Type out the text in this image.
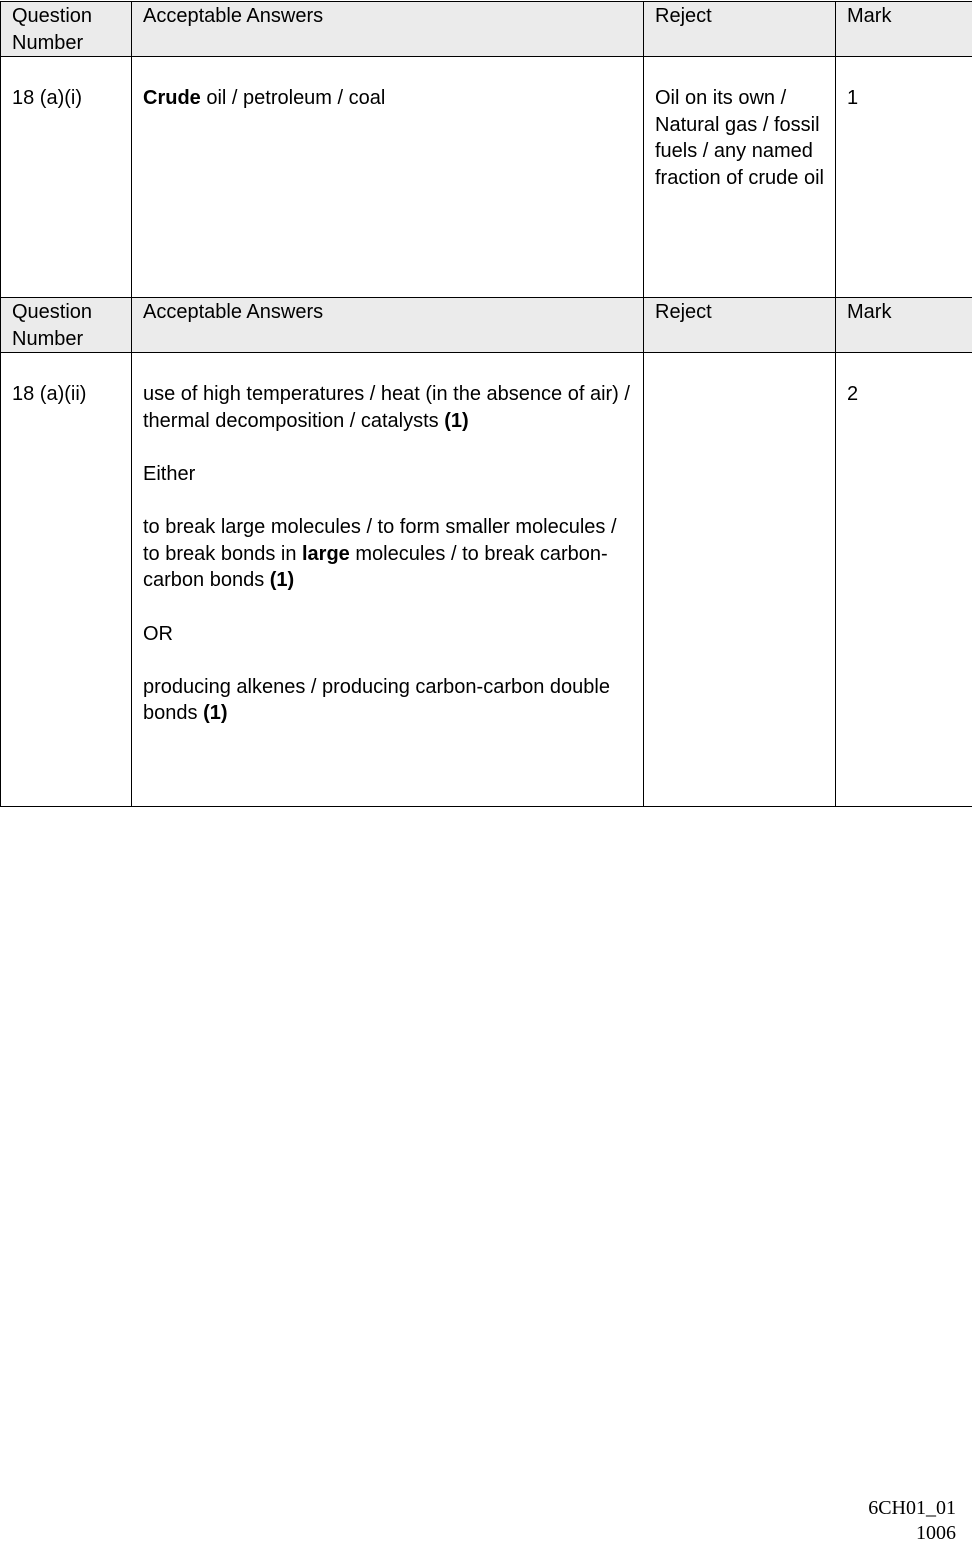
Question Number	Acceptable Answers	Reject	Mark
18 (a)(i)	Crude oil / petroleum / coal	Oil on its own / Natural gas / fossil fuels / any named fraction of crude oil	1
Question Number	Acceptable Answers	Reject	Mark
18 (a)(ii)	use of high temperatures / heat (in the absence of air) / thermal decomposition / catalysts (1)

Either

to break large molecules / to form smaller molecules / to break bonds in large molecules / to break carbon-carbon bonds (1)

OR

producing alkenes / producing carbon-carbon double bonds (1)		2
6CH01_01
1006
